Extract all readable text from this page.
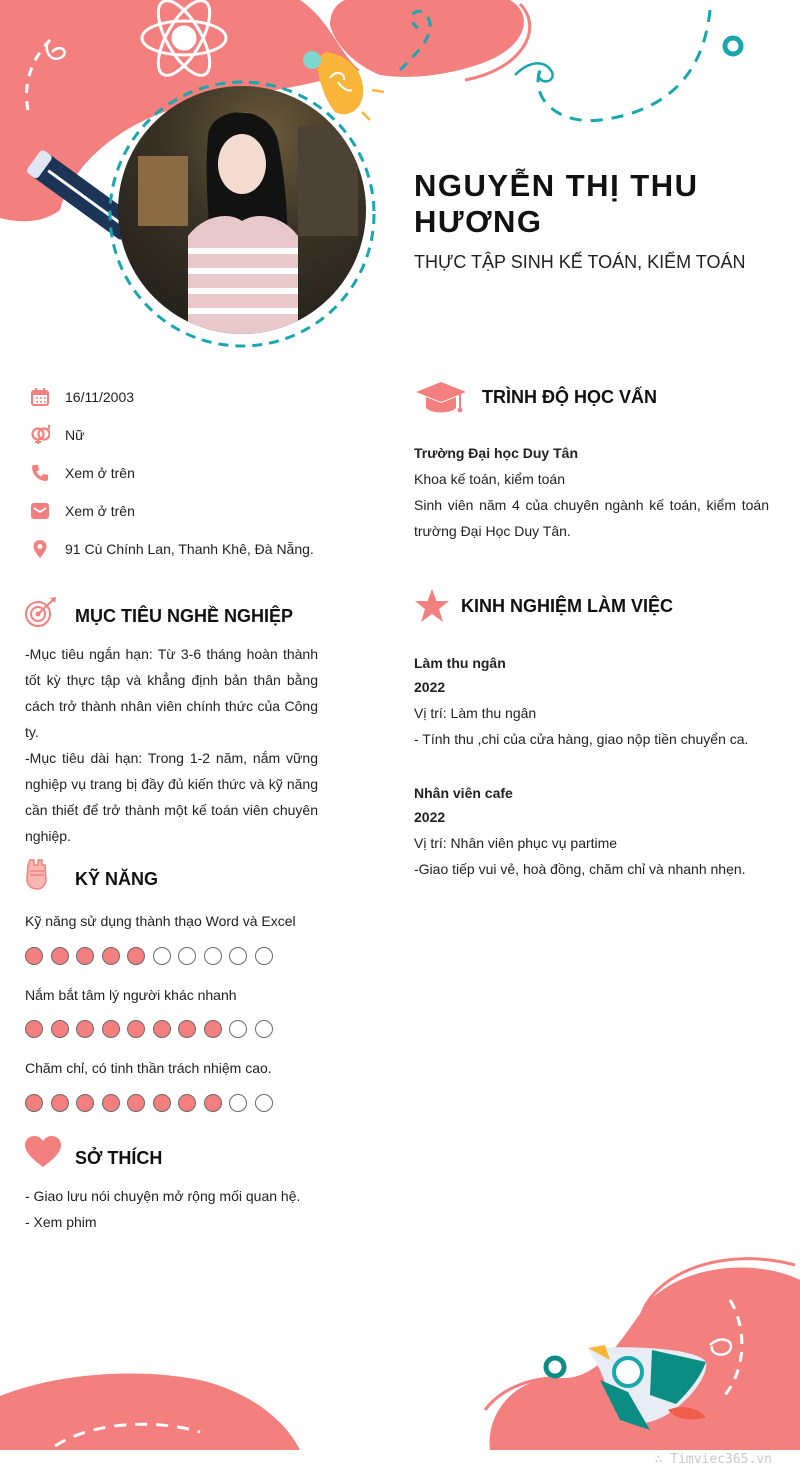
NGUYỄN THỊ THU HƯƠNG
THỰC TẬP SINH KẾ TOÁN, KIỂM TOÁN
16/11/2003
Nữ
Xem ở trên
Xem ở trên
91 Cù Chính Lan, Thanh Khê, Đà Nẵng.
MỤC TIÊU NGHỀ NGHIỆP
-Mục tiêu ngắn hạn: Từ 3-6 tháng hoàn thành tốt kỳ thực tập và khẳng định bản thân bằng cách trở thành nhân viên chính thức của Công ty.
-Mục tiêu dài hạn: Trong 1-2 năm, nắm vững nghiệp vụ trang bị đầy đủ kiến thức và kỹ năng cần thiết để trở thành một kế toán viên chuyên nghiệp.
KỸ NĂNG
Kỹ năng sử dụng thành thạo Word và Excel
Nắm bắt tâm lý người khác nhanh
Chăm chỉ, có tinh thần trách nhiệm cao.
SỞ THÍCH
- Giao lưu nói chuyện mở rộng mối quan hệ.
- Xem phim
TRÌNH ĐỘ HỌC VẤN
Trường Đại học Duy Tân
Khoa kế toán, kiểm toán
Sinh viên năm 4 của chuyên ngành kế toán, kiểm toán trường Đại Học Duy Tân.
KINH NGHIỆM LÀM VIỆC
Làm thu ngân
2022
Vị trí: Làm thu ngân
- Tính thu ,chi của cửa hàng, giao nộp tiền chuyển ca.
Nhân viên cafe
2022
Vị trí: Nhân viên phục vụ partime
-Giao tiếp vui vẻ, hoà đồng, chăm chỉ và nhanh nhẹn.
∴ Timviec365.vn
